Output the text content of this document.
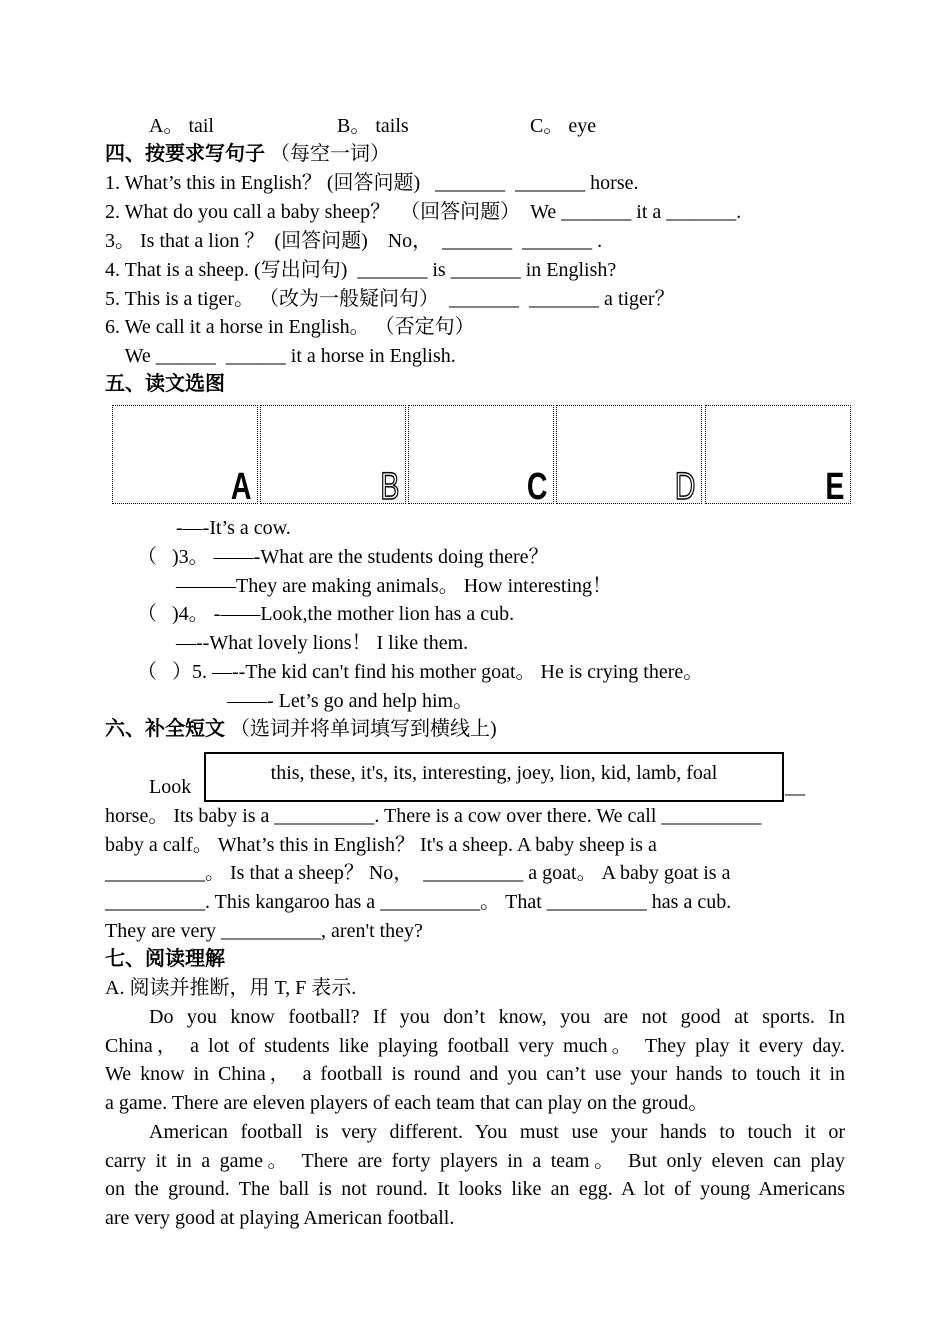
A。 tail	B。 tails	C。 eye
四、按要求写句子 （每空一词）
1. What’s this in English？ (回答问题)   _______  _______ horse.
2. What do you call a baby sheep？  （回答问题）  We _______ it a _______.
3。 Is that a lion ？  (回答问题)    No，  _______  _______ .
4. That is a sheep. (写出问句)  _______ is _______ in English?
5. This is a tiger。 （改为一般疑问句）  _______  _______ a tiger？
6. We call it a horse in English。 （否定句）
We ______  ______ it a horse in English.
五、读文选图
A	B	C	D	E
-—-It’s a cow.
（   )3。 ——-What are the students doing there？
———They are making animals。 How interesting！
（   )4。 -——Look,the mother lion has a cub.
—--What lovely lions！ I like them.
（   ）5. —--The kid can't find his mother goat。 He is crying there。
——- Let’s go and help him。
六、补全短文 （选词并将单词填写到横线上)
Look	__
this, these, it's, its, interesting, joey, lion, kid, lamb, foal
horse。 Its baby is a __________. There is a cow over there. We call __________
baby a calf。 What’s this in English？ It's a sheep. A baby sheep is a
__________。 Is that a sheep？ No，  __________ a goat。 A baby goat is a
__________. This kangaroo has a __________。 That __________ has a cub.
They are very __________, aren't they?
七、阅读理解
A. 阅读并推断，用 T, F 表示.
Do you know football? If you don’t know, you are not good at sports. In
China， a lot of students like playing football very much。 They play it every day.
We know in China， a football is round and you can’t use your hands to touch it in
a game. There are eleven players of each team that can play on the groud。
American football is very different. You must use your hands to touch it or
carry it in a game。 There are forty players in a team。 But only eleven can play
on the ground. The ball is not round. It looks like an egg. A lot of young Americans
are very good at playing American football.
